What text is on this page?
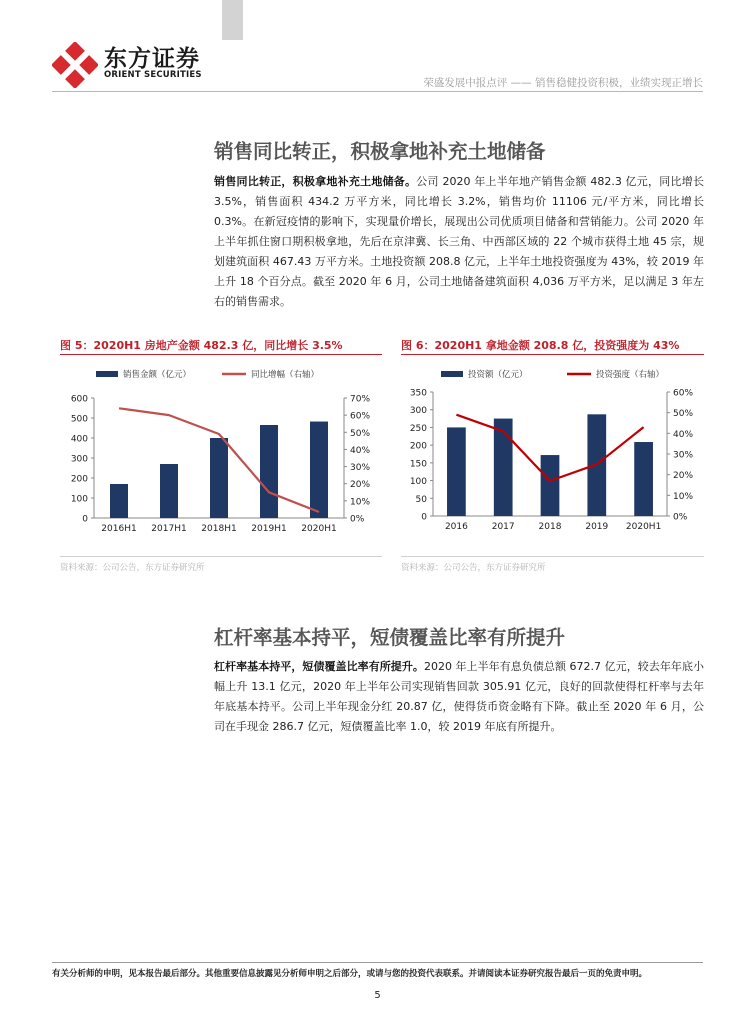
东方证券
ORIENT SECURITIES
荣盛发展中报点评 —— 销售稳健投资积极，业绩实现正增长
销售同比转正，积极拿地补充土地储备
销售同比转正，积极拿地补充土地储备。公司 2020 年上半年地产销售金额 482.3 亿元，同比增长 3.5%，销售面积 434.2 万平方米，同比增长 3.2%，销售均价 11106 元/平方米，同比增长 0.3%。在新冠疫情的影响下，实现量价增长，展现出公司优质项目储备和营销能力。公司 2020 年上半年抓住窗口期积极拿地，先后在京津冀、长三角、中西部区域的 22 个城市获得土地 45 宗，规划建筑面积 467.43 万平方米。土地投资额 208.8 亿元，上半年土地投资强度为 43%，较 2019 年上升 18 个百分点。截至 2020 年 6 月，公司土地储备建筑面积 4,036 万平方米，足以满足 3 年左右的销售需求。
图 5：2020H1 房地产金额 482.3 亿，同比增长 3.5%
销售金额（亿元）	同比增幅（右轴）
0
100
200
300
400
500
600
0%
10%
20%
30%
40%
50%
60%
70%
2016H1 2017H1 2018H1 2019H1 2020H1
资料来源：公司公告，东方证券研究所
图 6：2020H1 拿地金额 208.8 亿，投资强度为 43%
投资额（亿元）	投资强度（右轴）
0
50
100
150
200
250
300
350
0%
10%
20%
30%
40%
50%
60%
2016	2017	2018	2019 2020H1
资料来源：公司公告，东方证券研究所
杠杆率基本持平，短债覆盖比率有所提升
杠杆率基本持平，短债覆盖比率有所提升。2020 年上半年有息负债总额 672.7 亿元，较去年年底小幅上升 13.1 亿元，2020 年上半年公司实现销售回款 305.91 亿元，良好的回款使得杠杆率与去年年底基本持平。公司上半年现金分红 20.87 亿，使得货币资金略有下降。截止至 2020 年 6 月，公司在手现金 286.7 亿元，短债覆盖比率 1.0，较 2019 年底有所提升。
有关分析师的申明，见本报告最后部分。其他重要信息披露见分析师申明之后部分，或请与您的投资代表联系。并请阅读本证券研究报告最后一页的免责申明。
5
